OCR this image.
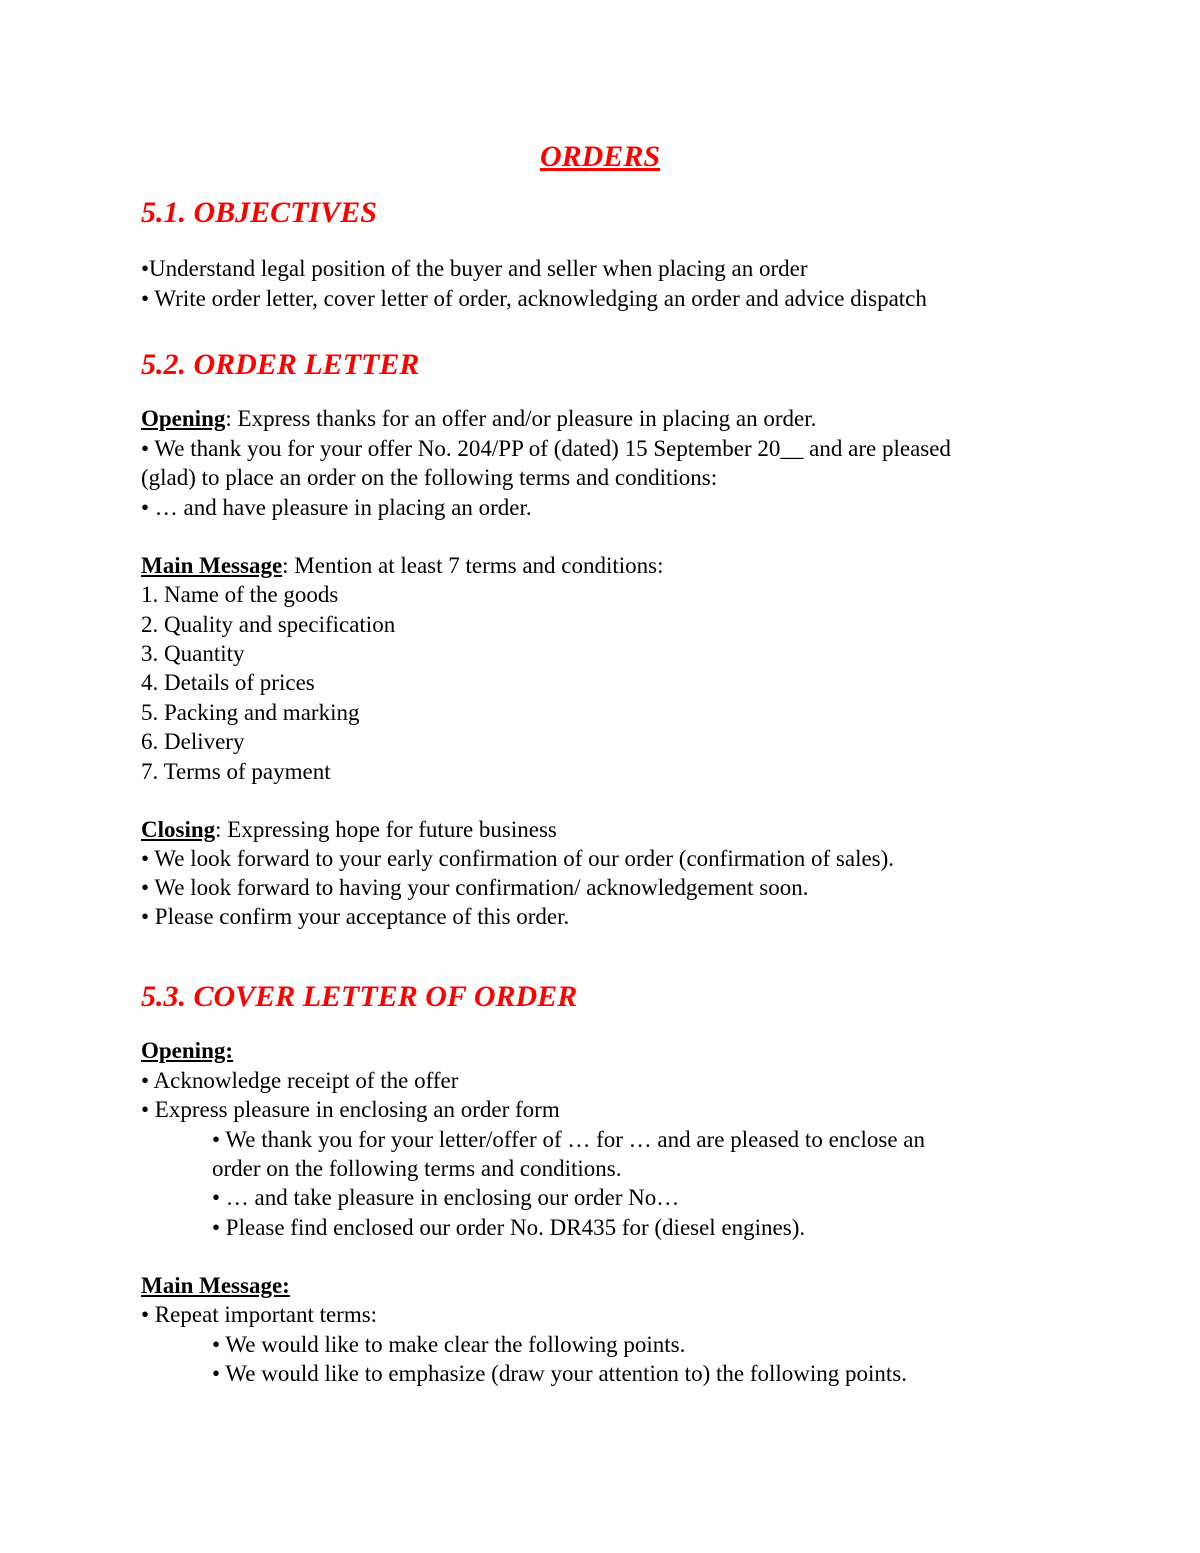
ORDERS
5.1. OBJECTIVES
•Understand legal position of the buyer and seller when placing an order
• Write order letter, cover letter of order, acknowledging an order and advice dispatch
5.2. ORDER LETTER
Opening: Express thanks for an offer and/or pleasure in placing an order.
• We thank you for your offer No. 204/PP of (dated) 15 September 20__ and are pleased
(glad) to place an order on the following terms and conditions:
• … and have pleasure in placing an order.
Main Message: Mention at least 7 terms and conditions:
1. Name of the goods
2. Quality and specification
3. Quantity
4. Details of prices
5. Packing and marking
6. Delivery
7. Terms of payment
Closing: Expressing hope for future business
• We look forward to your early confirmation of our order (confirmation of sales).
• We look forward to having your confirmation/ acknowledgement soon.
• Please confirm your acceptance of this order.
5.3. COVER LETTER OF ORDER
Opening:
• Acknowledge receipt of the offer
• Express pleasure in enclosing an order form
• We thank you for your letter/offer of … for … and are pleased to enclose an
order on the following terms and conditions.
• … and take pleasure in enclosing our order No…
• Please find enclosed our order No. DR435 for (diesel engines).
Main Message:
• Repeat important terms:
• We would like to make clear the following points.
• We would like to emphasize (draw your attention to) the following points.
